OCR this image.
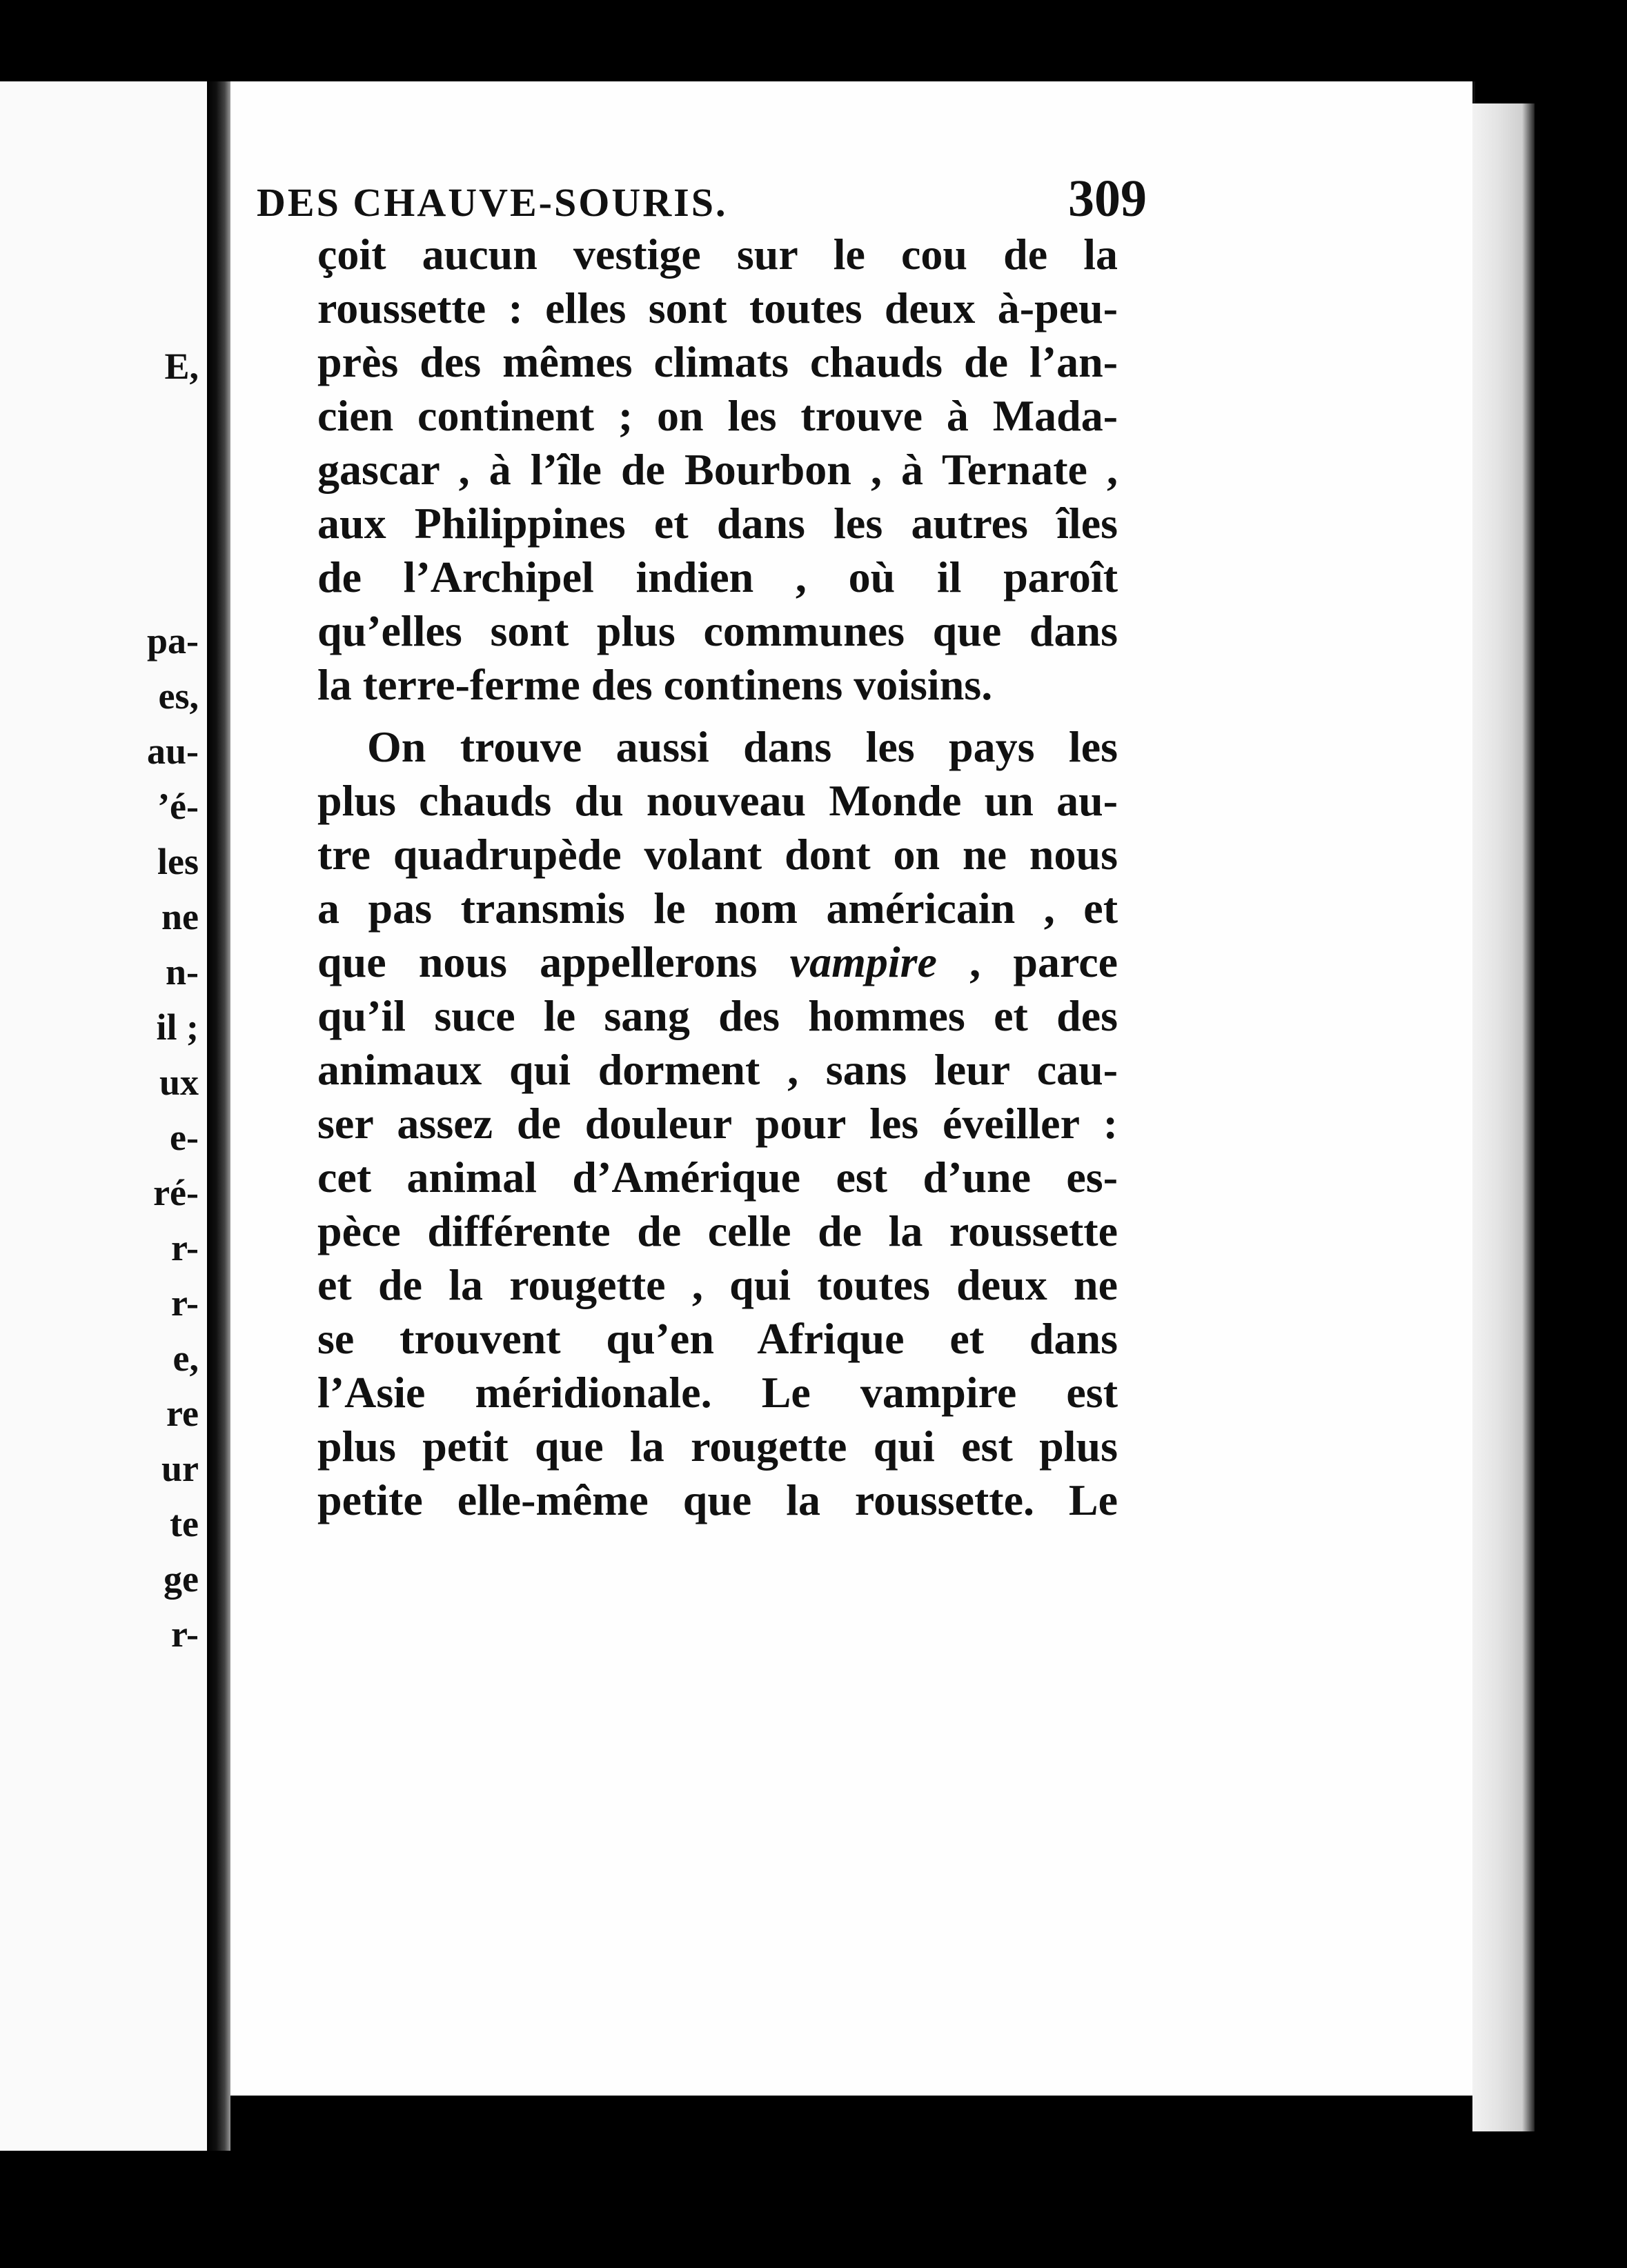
E,
pa-
es,
au-
’é-
les
ne
n-
il ;
ux
e-
ré-
r-
r-
e,
re
ur
te
ge
r-
DES CHAUVE-SOURIS.	309
çoit aucun vestige sur le cou de la
roussette : elles sont toutes deux à-peu-
près des mêmes climats chauds de l’an-
cien continent ; on les trouve à Mada-
gascar , à l’île de Bourbon , à Ternate ,
aux Philippines et dans les autres îles
de l’Archipel indien , où il paroît
qu’elles sont plus communes que dans
la terre-ferme des continens voisins.
On trouve aussi dans les pays les
plus chauds du nouveau Monde un au-
tre quadrupède volant dont on ne nous
a pas transmis le nom américain , et
que nous appellerons vampire , parce
qu’il suce le sang des hommes et des
animaux qui dorment , sans leur cau-
ser assez de douleur pour les éveiller :
cet animal d’Amérique est d’une es-
pèce différente de celle de la roussette
et de la rougette , qui toutes deux ne
se trouvent qu’en Afrique et dans
l’Asie méridionale. Le vampire est
plus petit que la rougette qui est plus
petite elle-même que la roussette. Le
